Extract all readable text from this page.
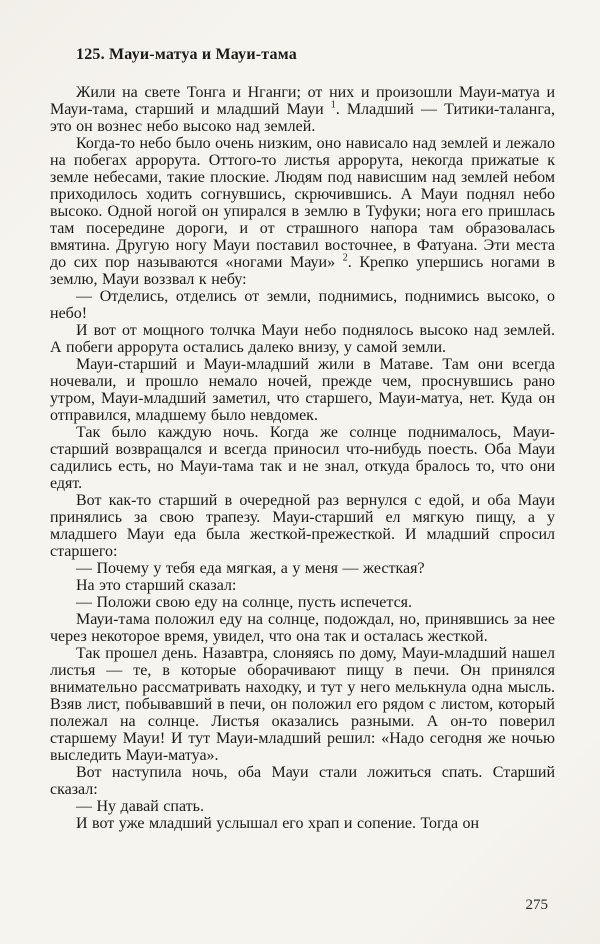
125. Мауи-матуа и Мауи-тама

Жили на свете Тонга и Нганги; от них и произошли Мауи-матуа и Мауи-тама, старший и младший Мауи $^1$. Младший — Титики-таланга, это он вознес небо высоко над землей.

Когда-то небо было очень низким, оно нависало над землей и лежало на побегах аррорута. Оттого-то листья аррорута, некогда прижатые к земле небесами, такие плоские. Людям под нависшим над землей небом приходилось ходить согнувшись, скрючившись. А Мауи поднял небо высоко. Одной ногой он упирался в землю в Туфуки; нога его пришлась там посередине дороги, и от страшного напора там образовалась вмятина. Другую ногу Мауи поставил восточнее, в Фатуана. Эти места до сих пор называются «ногами Мауи» $^2$. Крепко упершись ногами в землю, Мауи воззвал к небу:

— Отделись, отделись от земли, поднимись, поднимись высоко, о небо!

И вот от мощного толчка Мауи небо поднялось высоко над землей. А побеги аррорута остались далеко внизу, у самой земли.

Мауи-старший и Мауи-младший жили в Матаве. Там они всегда ночевали, и прошло немало ночей, прежде чем, проснувшись рано утром, Мауи-младший заметил, что старшего, Мауи-матуа, нет. Куда он отправился, младшему было невдомек.

Так было каждую ночь. Когда же солнце поднималось, Мауи-старший возвращался и всегда приносил что-нибудь поесть. Оба Мауи садились есть, но Мауи-тама так и не знал, откуда бралось то, что они едят.

Вот как-то старший в очередной раз вернулся с едой, и оба Мауи принялись за свою трапезу. Мауи-старший ел мягкую пищу, а у младшего Мауи еда была жесткой-прежесткой. И младший спросил старшего:

— Почему у тебя еда мягкая, а у меня — жесткая?

На это старший сказал:

— Положи свою еду на солнце, пусть испечется.

Мауи-тама положил еду на солнце, подождал, но, принявшись за нее через некоторое время, увидел, что она так и осталась жесткой.

Так прошел день. Назавтра, слоняясь по дому, Мауи-младший нашел листья — те, в которые оборачивают пищу в печи. Он принялся внимательно рассматривать находку, и тут у него мелькнула одна мысль. Взяв лист, побывавший в печи, он положил его рядом с листом, который полежал на солнце. Листья оказались разными. А он-то поверил старшему Мауи! И тут Мауи-младший решил: «Надо сегодня же ночью выследить Мауи-матуа».

Вот наступила ночь, оба Мауи стали ложиться спать. Старший сказал:

— Ну давай спать.

И вот уже младший услышал его храп и сопение. Тогда он

275
